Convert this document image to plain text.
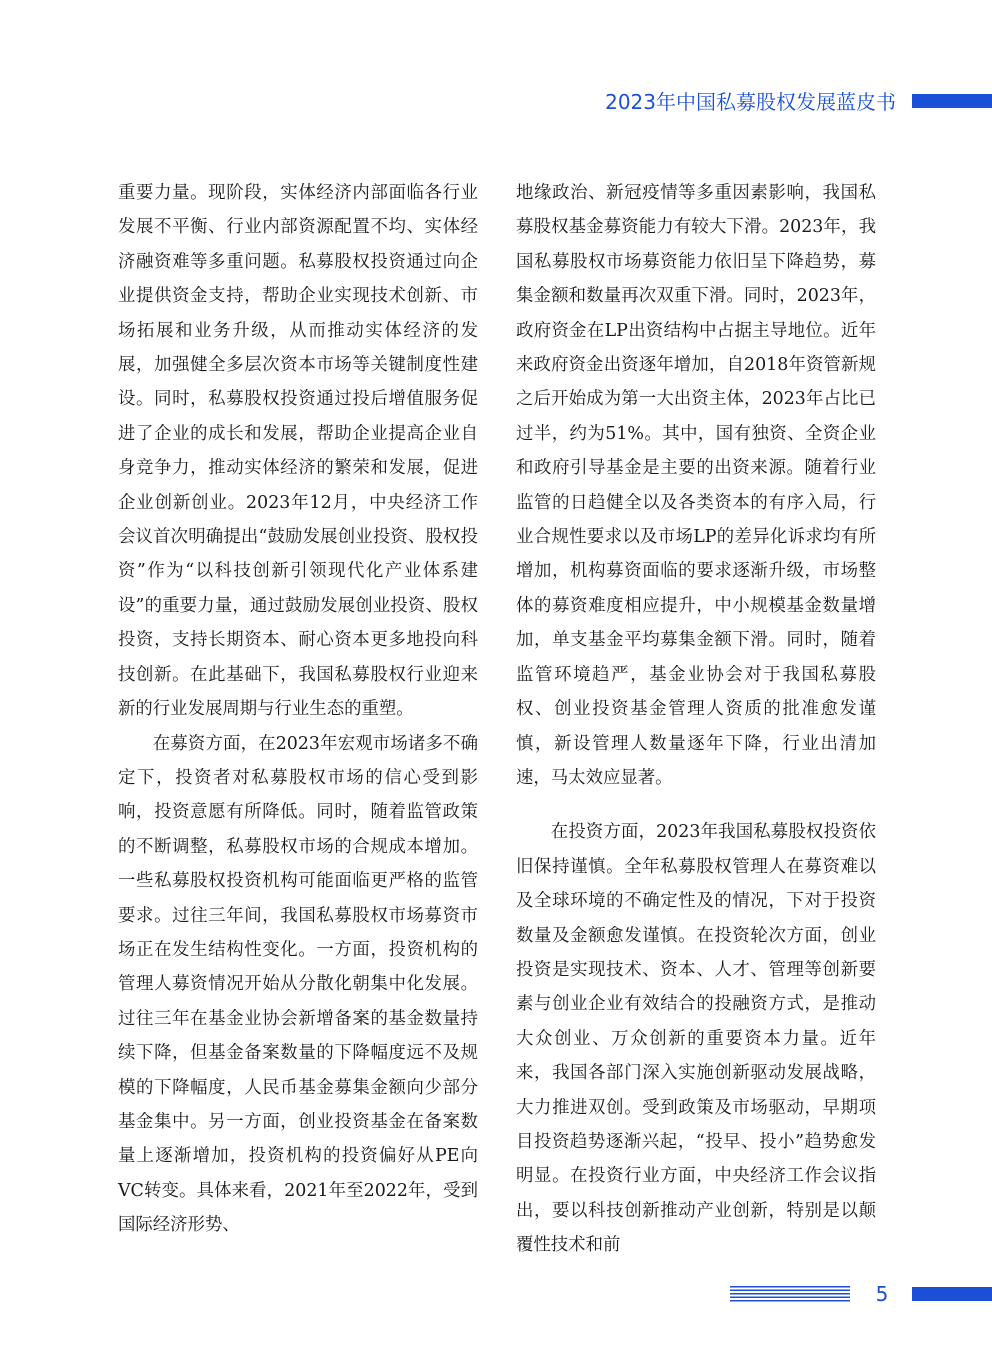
2023年中国私募股权发展蓝皮书

重要力量。现阶段，实体经济内部面临各行业发展不平衡、行业内部资源配置不均、实体经济融资难等多重问题。私募股权投资通过向企业提供资金支持，帮助企业实现技术创新、市场拓展和业务升级，从而推动实体经济的发展，加强健全多层次资本市场等关键制度性建设。同时，私募股权投资通过投后增值服务促进了企业的成长和发展，帮助企业提高企业自身竞争力，推动实体经济的繁荣和发展，促进企业创新创业。2023年12月，中央经济工作会议首次明确提出“鼓励发展创业投资、股权投资”作为“以科技创新引领现代化产业体系建设”的重要力量，通过鼓励发展创业投资、股权投资，支持长期资本、耐心资本更多地投向科技创新。在此基础下，我国私募股权行业迎来新的行业发展周期与行业生态的重塑。

在募资方面，在2023年宏观市场诸多不确定下，投资者对私募股权市场的信心受到影响，投资意愿有所降低。同时，随着监管政策的不断调整，私募股权市场的合规成本增加。一些私募股权投资机构可能面临更严格的监管要求。过往三年间，我国私募股权市场募资市场正在发生结构性变化。一方面，投资机构的管理人募资情况开始从分散化朝集中化发展。过往三年在基金业协会新增备案的基金数量持续下降，但基金备案数量的下降幅度远不及规模的下降幅度，人民币基金募集金额向少部分基金集中。另一方面，创业投资基金在备案数量上逐渐增加，投资机构的投资偏好从PE向VC转变。具体来看，2021年至2022年，受到国际经济形势、

地缘政治、新冠疫情等多重因素影响，我国私募股权基金募资能力有较大下滑。2023年，我国私募股权市场募资能力依旧呈下降趋势，募集金额和数量再次双重下滑。同时，2023年，政府资金在LP出资结构中占据主导地位。近年来政府资金出资逐年增加，自2018年资管新规之后开始成为第一大出资主体，2023年占比已过半，约为51%。其中，国有独资、全资企业和政府引导基金是主要的出资来源。随着行业监管的日趋健全以及各类资本的有序入局，行业合规性要求以及市场LP的差异化诉求均有所增加，机构募资面临的要求逐渐升级，市场整体的募资难度相应提升，中小规模基金数量增加，单支基金平均募集金额下滑。同时，随着监管环境趋严，基金业协会对于我国私募股权、创业投资基金管理人资质的批准愈发谨慎，新设管理人数量逐年下降，行业出清加速，马太效应显著。

在投资方面，2023年我国私募股权投资依旧保持谨慎。全年私募股权管理人在募资难以及全球环境的不确定性及的情况，下对于投资数量及金额愈发谨慎。在投资轮次方面，创业投资是实现技术、资本、人才、管理等创新要素与创业企业有效结合的投融资方式，是推动大众创业、万众创新的重要资本力量。近年来，我国各部门深入实施创新驱动发展战略，大力推进双创。受到政策及市场驱动，早期项目投资趋势逐渐兴起，“投早、投小”趋势愈发明显。在投资行业方面，中央经济工作会议指出，要以科技创新推动产业创新，特别是以颠覆性技术和前

5
